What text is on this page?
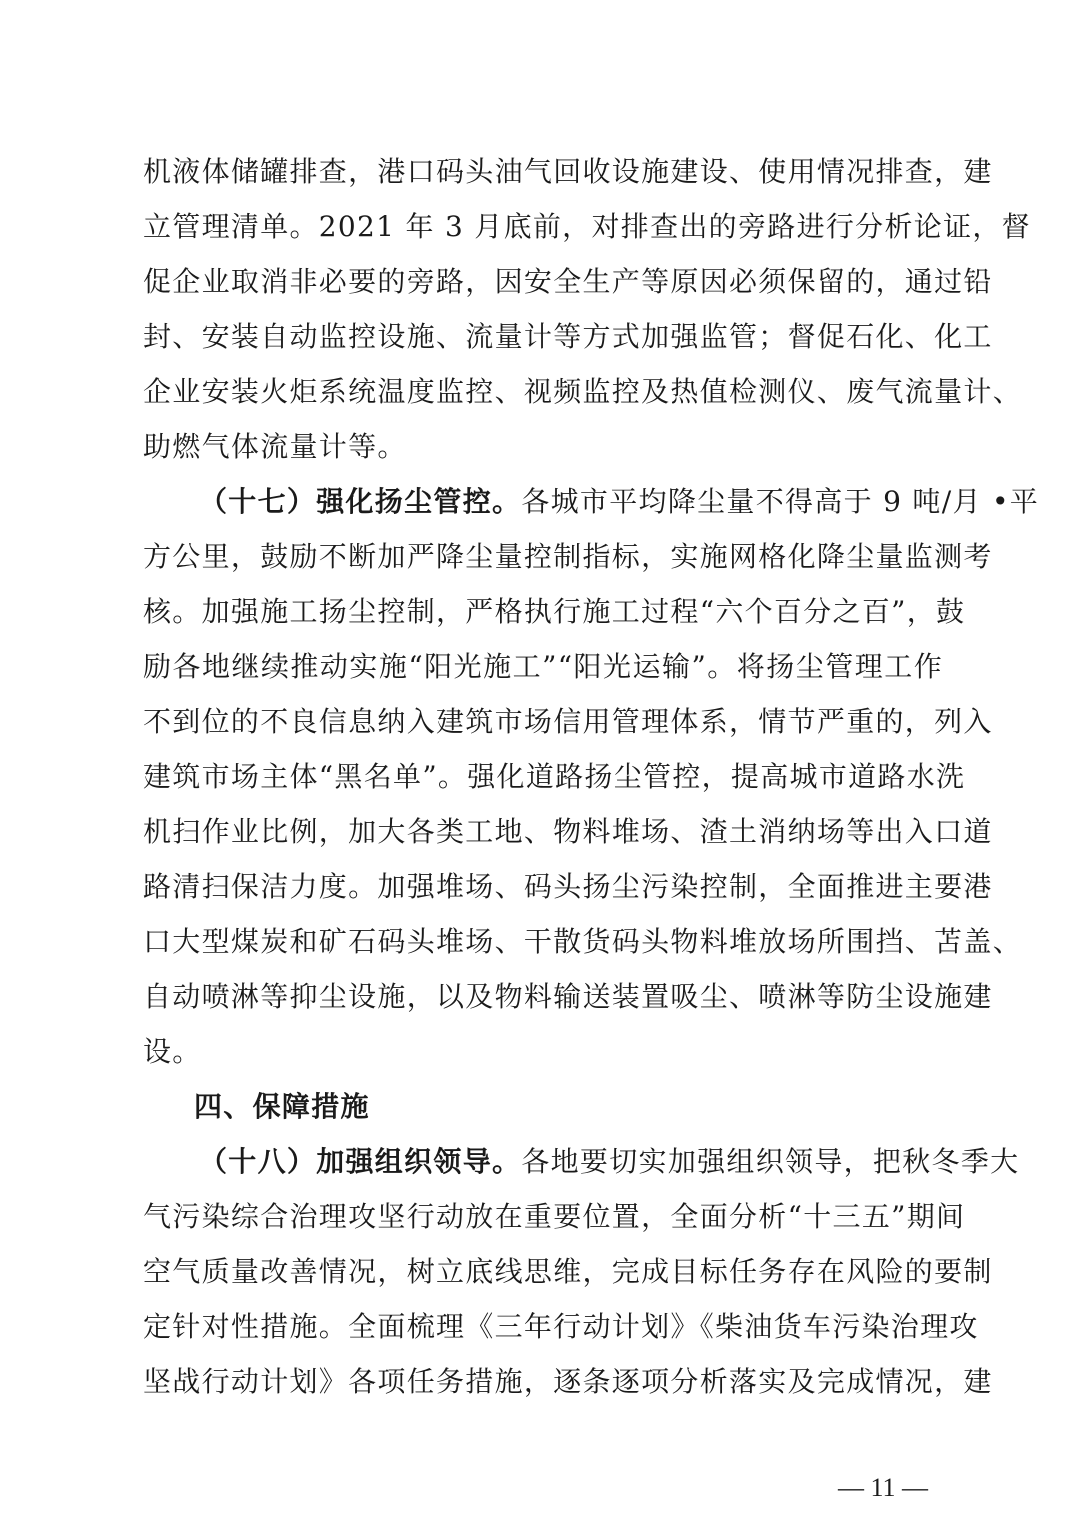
机液体储罐排查，港口码头油气回收设施建设、使用情况排查，建
立管理清单。2021 年 3 月底前，对排查出的旁路进行分析论证，督
促企业取消非必要的旁路，因安全生产等原因必须保留的，通过铅
封、安装自动监控设施、流量计等方式加强监管；督促石化、化工
企业安装火炬系统温度监控、视频监控及热值检测仪、废气流量计、
助燃气体流量计等。
（十七）强化扬尘管控。各城市平均降尘量不得高于 9 吨/月 •平
方公里，鼓励不断加严降尘量控制指标，实施网格化降尘量监测考
核。加强施工扬尘控制，严格执行施工过程“六个百分之百”，鼓
励各地继续推动实施“阳光施工”“阳光运输”。将扬尘管理工作
不到位的不良信息纳入建筑市场信用管理体系，情节严重的，列入
建筑市场主体“黑名单”。强化道路扬尘管控，提高城市道路水洗
机扫作业比例，加大各类工地、物料堆场、渣土消纳场等出入口道
路清扫保洁力度。加强堆场、码头扬尘污染控制，全面推进主要港
口大型煤炭和矿石码头堆场、干散货码头物料堆放场所围挡、苫盖、
自动喷淋等抑尘设施，以及物料输送装置吸尘、喷淋等防尘设施建
设。
四、保障措施
（十八）加强组织领导。各地要切实加强组织领导，把秋冬季大
气污染综合治理攻坚行动放在重要位置，全面分析“十三五”期间
空气质量改善情况，树立底线思维，完成目标任务存在风险的要制
定针对性措施。全面梳理《三年行动计划》《柴油货车污染治理攻
坚战行动计划》各项任务措施，逐条逐项分析落实及完成情况，建
— 11 —
